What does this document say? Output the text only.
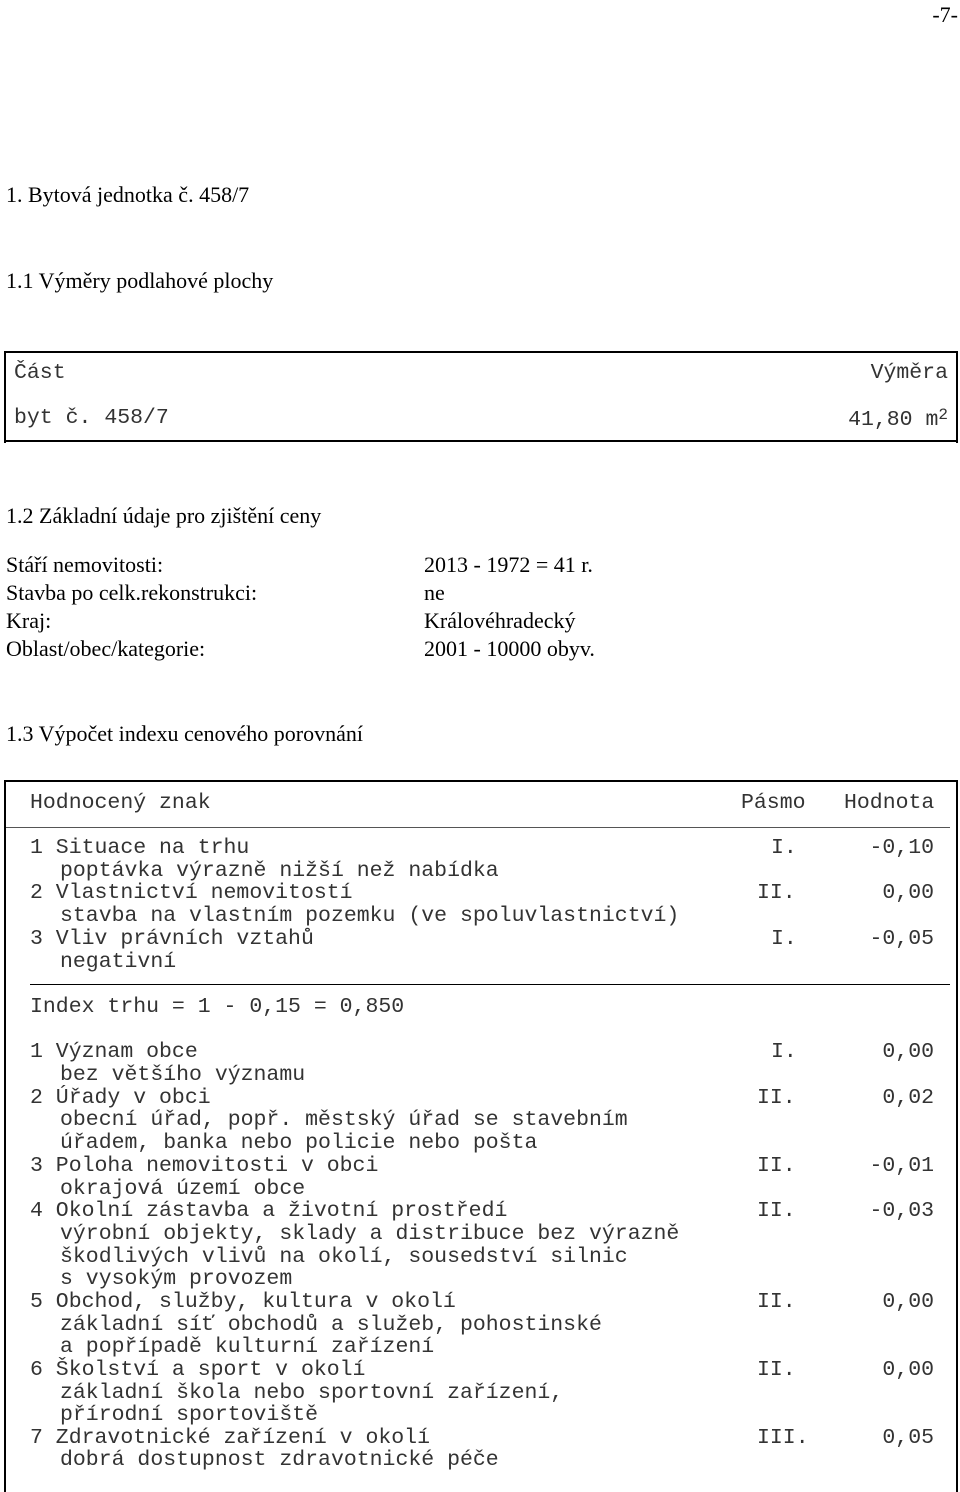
-7-
1. Bytová jednotka č. 458/7
1.1 Výměry podlahové plochy
Část	Výměra
byt č. 458/7	41,80 $m^2$
1.2 Základní údaje pro zjištění ceny
Stáří nemovitosti:	2013 - 1972 = 41 r.
Stavba po celk.rekonstrukci:	ne
Kraj:	Královéhradecký
Oblast/obec/kategorie:	2001 - 10000 obyv.
1.3 Výpočet indexu cenového porovnání
Hodnocený znak	Pásmo Hodnota
1 Situace na trhu	I.	-0,10
poptávka výrazně nižší než nabídka
2 Vlastnictví nemovitostí	II.	0,00
stavba na vlastním pozemku (ve spoluvlastnictví)
3 Vliv právních vztahů	I.	-0,05
negativní
Index trhu = 1 - 0,15 = 0,850
1 Význam obce	I.	0,00
bez většího významu
2 Úřady v obci	II.	0,02
obecní úřad, popř. městský úřad se stavebním
úřadem, banka nebo policie nebo pošta
3 Poloha nemovitosti v obci	II.	-0,01
okrajová území obce
4 Okolní zástavba a životní prostředí	II.	-0,03
výrobní objekty, sklady a distribuce bez výrazně
škodlivých vlivů na okolí, sousedství silnic
s vysokým provozem
5 Obchod, služby, kultura v okolí	II.	0,00
základní síť obchodů a služeb, pohostinské
a popřípadě kulturní zařízení
6 Školství a sport v okolí	II.	0,00
základní škola nebo sportovní zařízení,
přírodní sportoviště
7 Zdravotnické zařízení v okolí	III.	0,05
dobrá dostupnost zdravotnické péče
